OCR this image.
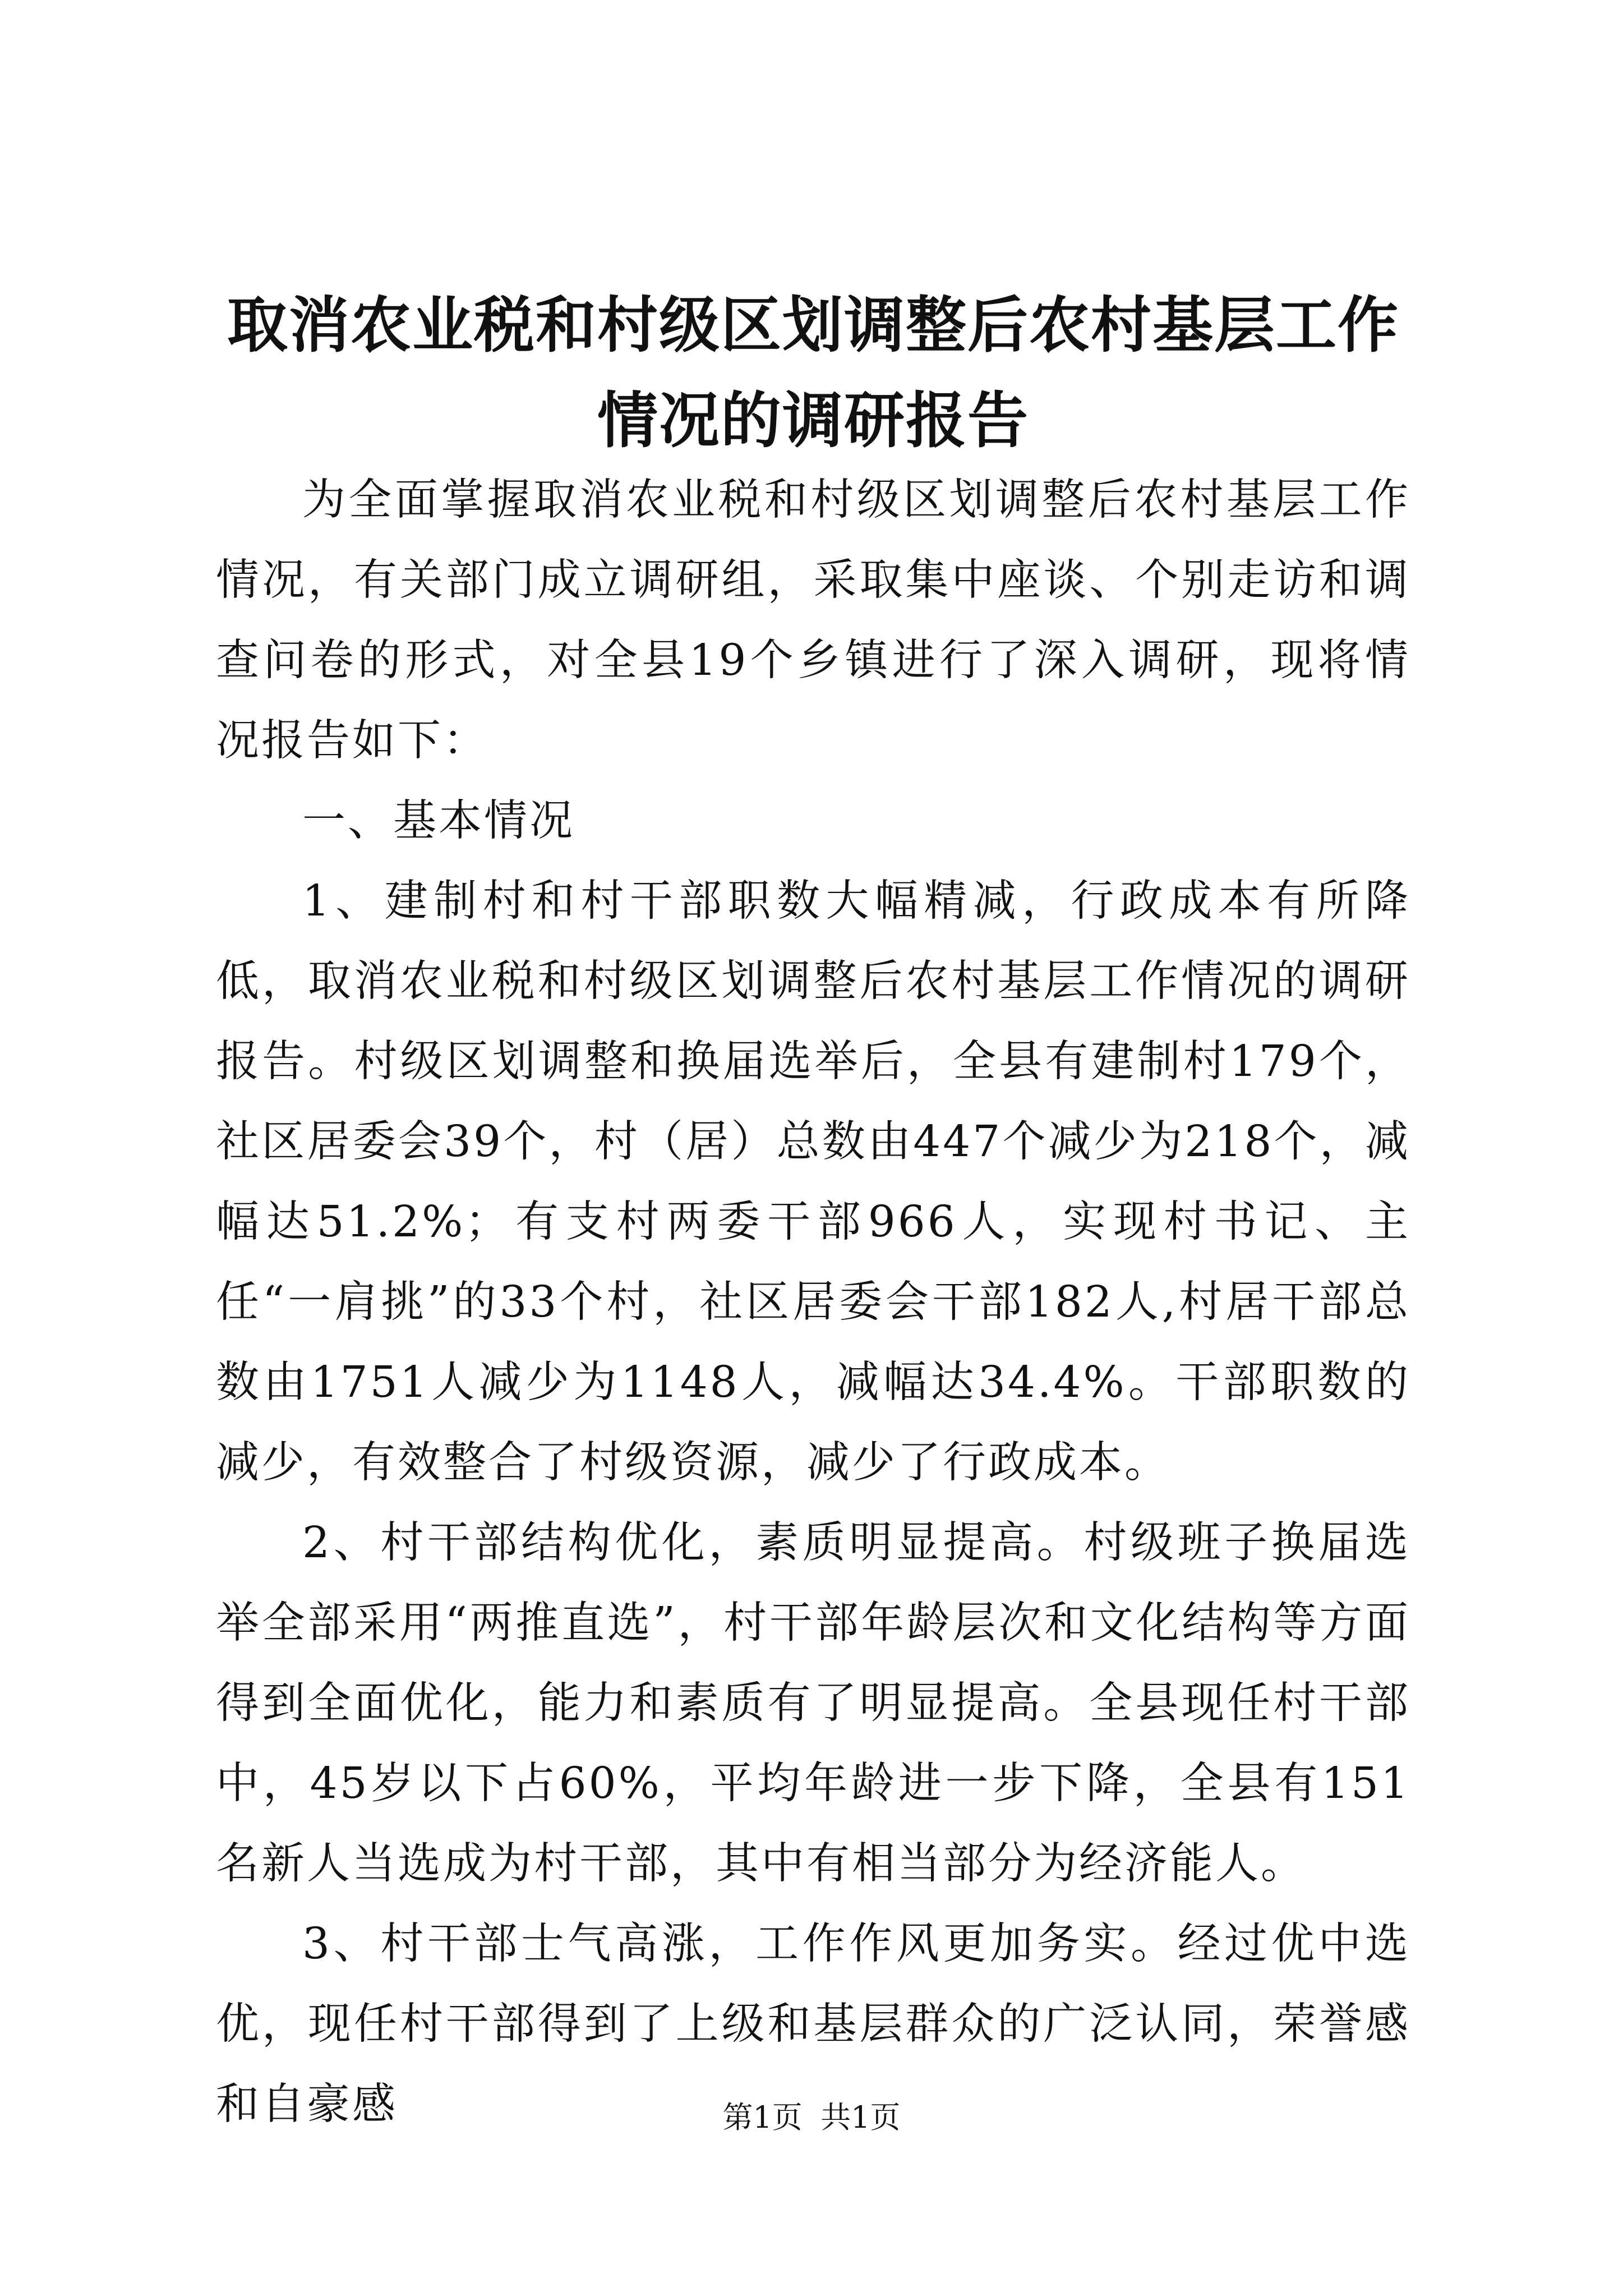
取消农业税和村级区划调整后农村基层工作情况的调研报告

为全面掌握取消农业税和村级区划调整后农村基层工作情况，有关部门成立调研组，采取集中座谈、个别走访和调查问卷的形式，对全县19个乡镇进行了深入调研，现将情况报告如下：

一、基本情况

1、建制村和村干部职数大幅精减，行政成本有所降低，取消农业税和村级区划调整后农村基层工作情况的调研报告。村级区划调整和换届选举后，全县有建制村179个，社区居委会39个，村（居）总数由447个减少为218个，减幅达51.2%；有支村两委干部966人，实现村书记、主任“一肩挑”的33个村，社区居委会干部182人,村居干部总数由1751人减少为1148人，减幅达34.4%。干部职数的减少，有效整合了村级资源，减少了行政成本。

2、村干部结构优化，素质明显提高。村级班子换届选举全部采用“两推直选”，村干部年龄层次和文化结构等方面得到全面优化，能力和素质有了明显提高。全县现任村干部中，45岁以下占60%，平均年龄进一步下降，全县有151名新人当选成为村干部，其中有相当部分为经济能人。

3、村干部士气高涨，工作作风更加务实。经过优中选优，现任村干部得到了上级和基层群众的广泛认同，荣誉感和自豪感	第1页 共1页
